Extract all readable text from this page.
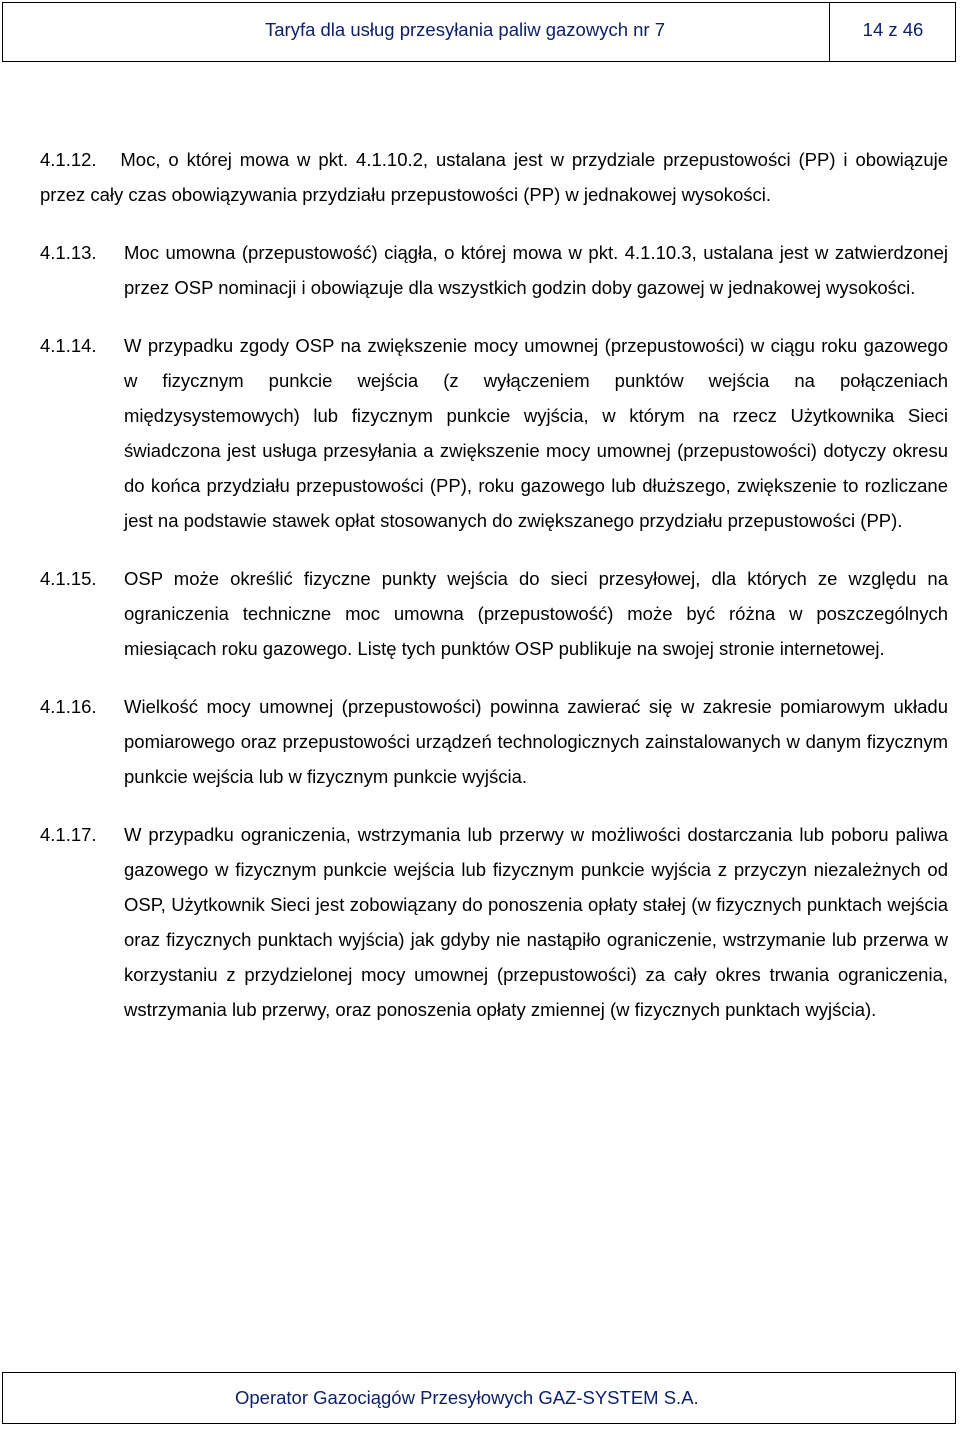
Taryfa dla usług przesyłania paliw gazowych nr 7	14 z 46
4.1.12. Moc, o której mowa w pkt. 4.1.10.2, ustalana jest w przydziale przepustowości (PP) i obowiązuje przez cały czas obowiązywania przydziału przepustowości (PP) w jednakowej wysokości.
4.1.13.	Moc umowna (przepustowość) ciągła, o której mowa w pkt. 4.1.10.3, ustalana jest w zatwierdzonej przez OSP nominacji i obowiązuje dla wszystkich godzin doby gazowej w jednakowej wysokości.
4.1.14.	W przypadku zgody OSP na zwiększenie mocy umownej (przepustowości) w ciągu roku gazowego w fizycznym punkcie wejścia (z wyłączeniem punktów wejścia na połączeniach międzysystemowych) lub fizycznym punkcie wyjścia, w którym na rzecz Użytkownika Sieci świadczona jest usługa przesyłania a zwiększenie mocy umownej (przepustowości) dotyczy okresu do końca przydziału przepustowości (PP), roku gazowego lub dłuższego, zwiększenie to rozliczane jest na podstawie stawek opłat stosowanych do zwiększanego przydziału przepustowości (PP).
4.1.15.	OSP może określić fizyczne punkty wejścia do sieci przesyłowej, dla których ze względu na ograniczenia techniczne moc umowna (przepustowość) może być różna w poszczególnych miesiącach roku gazowego. Listę tych punktów OSP publikuje na swojej stronie internetowej.
4.1.16.	Wielkość mocy umownej (przepustowości) powinna zawierać się w zakresie pomiarowym układu pomiarowego oraz przepustowości urządzeń technologicznych zainstalowanych w danym fizycznym punkcie wejścia lub w fizycznym punkcie wyjścia.
4.1.17.	W przypadku ograniczenia, wstrzymania lub przerwy w możliwości dostarczania lub poboru paliwa gazowego w fizycznym punkcie wejścia lub fizycznym punkcie wyjścia z przyczyn niezależnych od OSP, Użytkownik Sieci jest zobowiązany do ponoszenia opłaty stałej (w fizycznych punktach wejścia oraz fizycznych punktach wyjścia) jak gdyby nie nastąpiło ograniczenie, wstrzymanie lub przerwa w korzystaniu z przydzielonej mocy umownej (przepustowości) za cały okres trwania ograniczenia, wstrzymania lub przerwy, oraz ponoszenia opłaty zmiennej (w fizycznych punktach wyjścia).
Operator Gazociągów Przesyłowych GAZ-SYSTEM S.A.
